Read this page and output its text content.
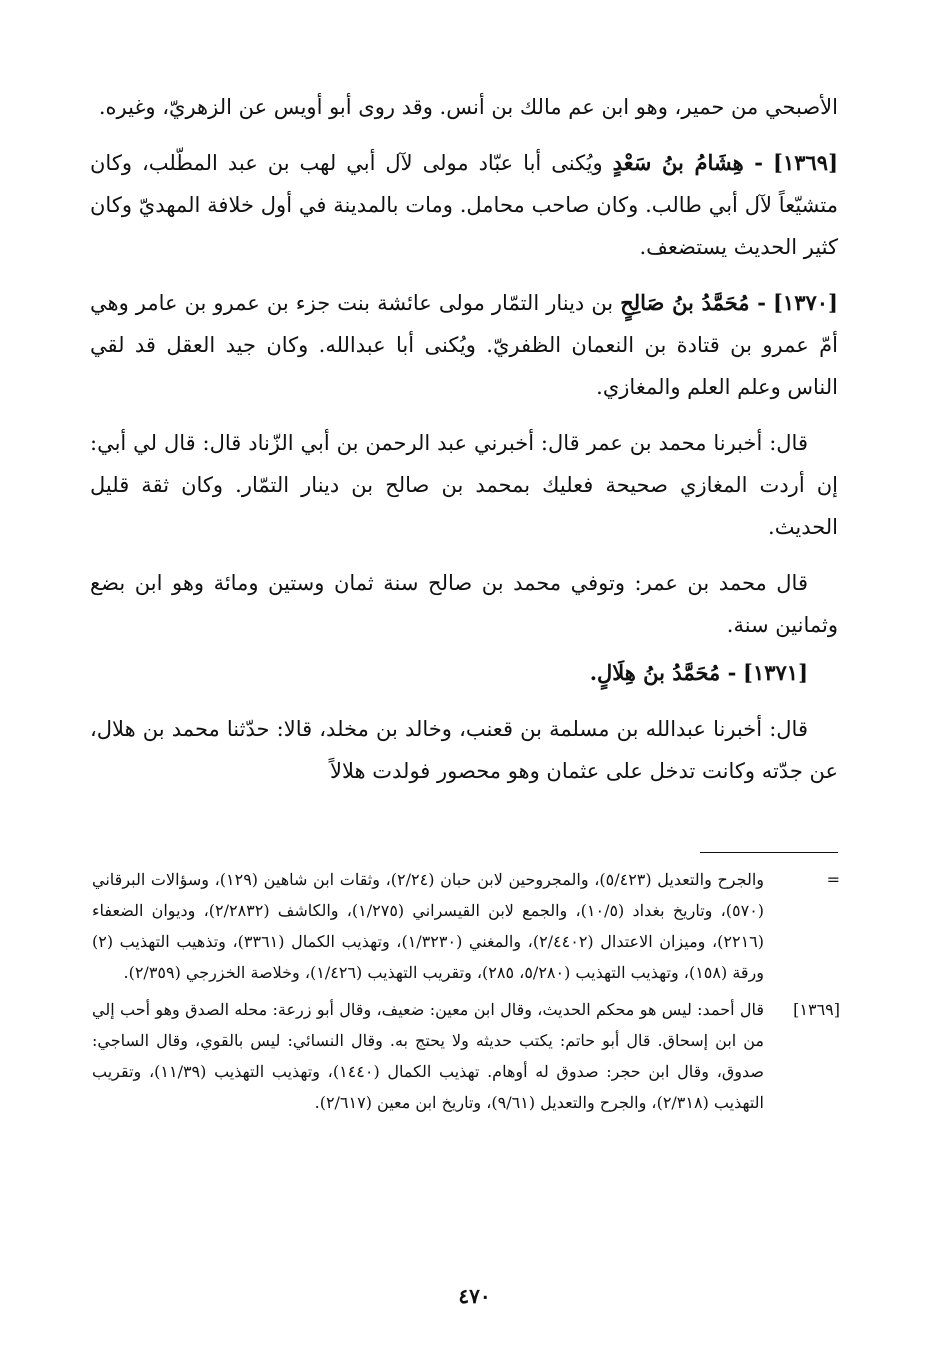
الأصبحي من حمير، وهو ابن عم مالك بن أنس. وقد روى أبو أويس عن الزهريّ، وغيره.

[١٣٦٩] - هِشَامُ بنُ سَعْدٍ ويُكنى أبا عبّاد مولى لآل أبي لهب بن عبد المطّلب، وكان متشيّعاً لآل أبي طالب. وكان صاحب محامل. ومات بالمدينة في أول خلافة المهديّ وكان كثير الحديث يستضعف.

[١٣٧٠] - مُحَمَّدُ بنُ صَالِحٍ بن دينار التمّار مولى عائشة بنت جزء بن عمرو بن عامر وهي أمّ عمرو بن قتادة بن النعمان الظفريّ. ويُكنى أبا عبدالله. وكان جيد العقل قد لقي الناس وعلم العلم والمغازي.

قال: أخبرنا محمد بن عمر قال: أخبرني عبد الرحمن بن أبي الزّناد قال: قال لي أبي: إن أردت المغازي صحيحة فعليك بمحمد بن صالح بن دينار التمّار. وكان ثقة قليل الحديث.

قال محمد بن عمر: وتوفي محمد بن صالح سنة ثمان وستين ومائة وهو ابن بضع وثمانين سنة.

[١٣٧١] - مُحَمَّدُ بنُ هِلَالٍ.

قال: أخبرنا عبدالله بن مسلمة بن قعنب، وخالد بن مخلد، قالا: حدّثنا محمد بن هلال، عن جدّته وكانت تدخل على عثمان وهو محصور فولدت هلالاً

=
والجرح والتعديل (٥/٤٢٣)، والمجروحين لابن حبان (٢/٢٤)، وثقات ابن شاهين (١٢٩)، وسؤالات البرقاني (٥٧٠)، وتاريخ بغداد (١٠/٥)، والجمع لابن القيسراني (١/٢٧٥)، والكاشف (٢/٢٨٣٢)، وديوان الضعفاء (٢٢١٦)، وميزان الاعتدال (٢/٤٤٠٢)، والمغني (١/٣٢٣٠)، وتهذيب الكمال (٣٣٦١)، وتذهيب التهذيب (٢) ورقة (١٥٨)، وتهذيب التهذيب (٥/٢٨٠، ٢٨٥)، وتقريب التهذيب (١/٤٢٦)، وخلاصة الخزرجي (٢/٣٥٩).
[١٣٦٩]
قال أحمد: ليس هو محكم الحديث، وقال ابن معين: ضعيف، وقال أبو زرعة: محله الصدق وهو أحب إلي من ابن إسحاق. قال أبو حاتم: يكتب حديثه ولا يحتج به. وقال النسائي: ليس بالقوي، وقال الساجي: صدوق، وقال ابن حجر: صدوق له أوهام. تهذيب الكمال (١٤٤٠)، وتهذيب التهذيب (١١/٣٩)، وتقريب التهذيب (٢/٣١٨)، والجرح والتعديل (٩/٦١)، وتاريخ ابن معين (٢/٦١٧).
٤٧٠
